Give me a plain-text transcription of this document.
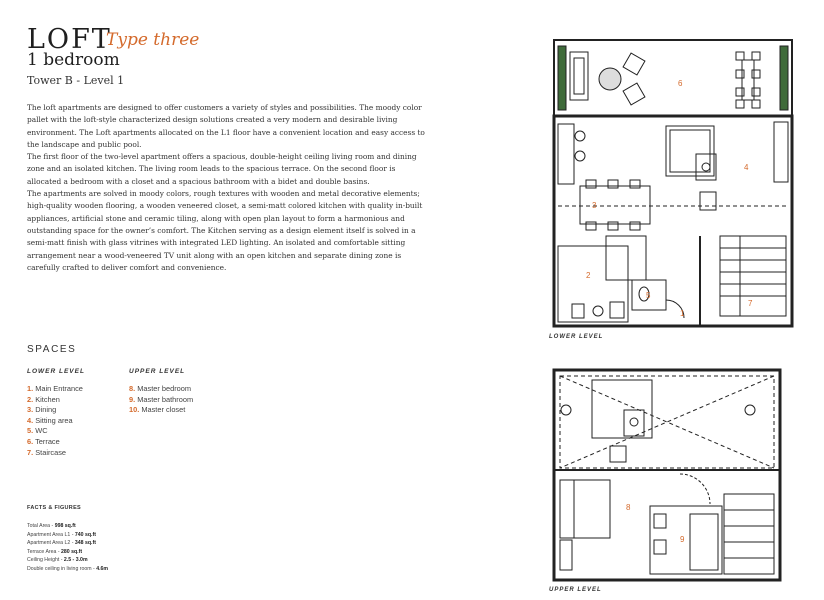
LOFT
Type three
1 bedroom
Tower B - Level 1

The loft apartments are designed to offer customers a variety of styles and possibilities. The moody color pallet with the loft-style characterized design solutions created a very modern and desirable living environment. The Loft apartments allocated on the L1 floor have a convenient location and easy access to the landscape and public pool.

The first floor of the two-level apartment offers a spacious, double-height ceiling living room and dining zone and an isolated kitchen. The living room leads to the spacious terrace. On the second floor is allocated a bedroom with a closet and a spacious bathroom with a bidet and double basins.

The apartments are solved in moody colors, rough textures with wooden and metal decorative elements; high-quality wooden flooring, a wooden veneered closet, a semi-matt colored kitchen with quality in-built appliances, artificial stone and ceramic tiling, along with open plan layout to form a harmonious and outstanding space for the owner’s comfort. The Kitchen serving as a design element itself is solved in a semi-matt finish with glass vitrines with integrated LED lighting. An isolated and comfortable sitting arrangement near a wood-veneered TV unit along with an open kitchen and separate dining zone is carefully crafted to deliver comfort and convenience.

SPACES
LOWER LEVEL	UPPER LEVEL
1. Main Entrance
2. Kitchen
3. Dining
4. Sitting area
5. WC
6. Terrace
7. Staircase
8. Master bedroom
9. Master bathroom
10. Master closet
FACTS & FIGURES
Total Area - 998 sq.ft
Apartment Area L1 - 740 sq.ft
Apartment Area L2 - 348 sq.ft
Terrace Area - 280 sq.ft
Ceiling Height - 2.5 - 3.0m
Double ceiling in living room - 4.6m
6
4
3
2
5
1
7
LOWER LEVEL
8
9
UPPER LEVEL
